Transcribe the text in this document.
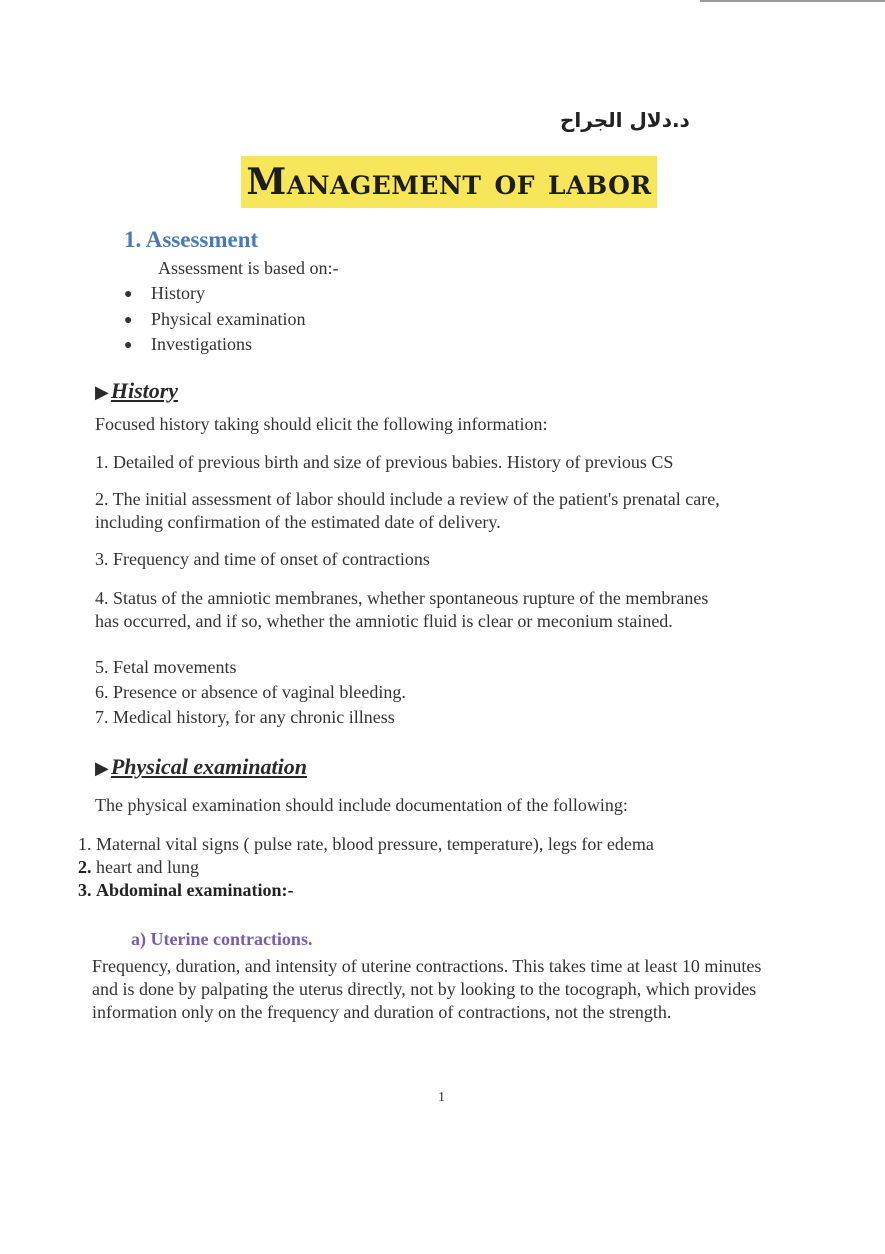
د.دلال الجراح
Management of labor
1. Assessment
Assessment is based on:-
● History
● Physical examination
● Investigations
▶History
Focused history taking should elicit the following information:
1. Detailed of previous birth and size of previous babies. History of previous CS
2. The initial assessment of labor should include a review of the patient's prenatal care, including confirmation of the estimated date of delivery.
3. Frequency and time of onset of contractions
4. Status of the amniotic membranes, whether spontaneous rupture of the membranes has occurred, and if so, whether the amniotic fluid is clear or meconium stained.
5. Fetal movements
6. Presence or absence of vaginal bleeding.
7. Medical history, for any chronic illness
▶Physical examination
The physical examination should include documentation of the following:
1. Maternal vital signs ( pulse rate, blood pressure, temperature), legs for edema
2. heart and lung
3. Abdominal examination:-
a) Uterine contractions.
Frequency, duration, and intensity of uterine contractions. This takes time at least 10 minutes and is done by palpating the uterus directly, not by looking to the tocograph, which provides information only on the frequency and duration of contractions, not the strength.
1
